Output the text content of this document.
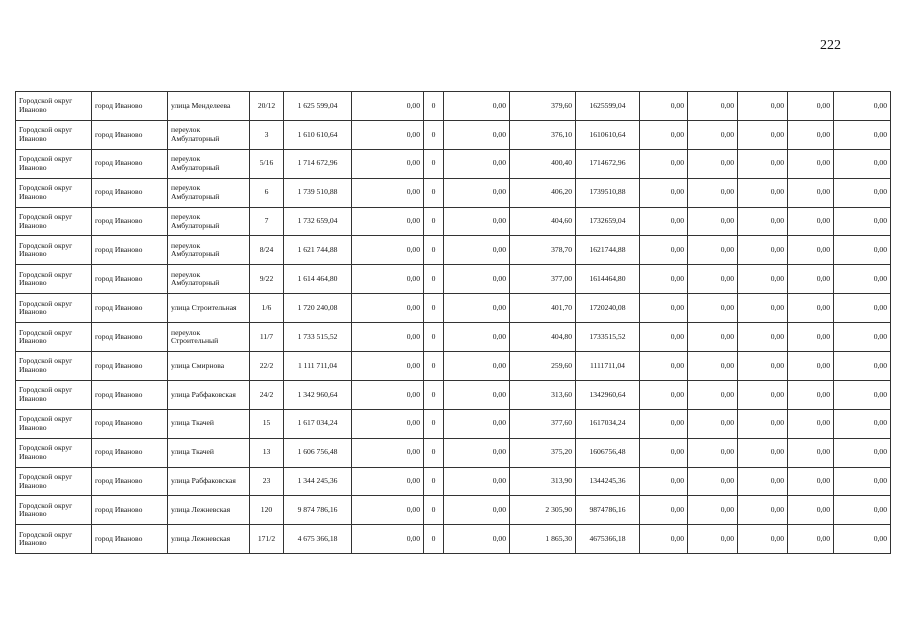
222
Городской округ Иваново	город Иваново	улица Менделеева	20/12	1 625 599,04	0,00	0	0,00	379,60	1625599,04	0,00	0,00	0,00	0,00	0,00
Городской округ Иваново	город Иваново	переулок Амбулаторный	3	1 610 610,64	0,00	0	0,00	376,10	1610610,64	0,00	0,00	0,00	0,00	0,00
Городской округ Иваново	город Иваново	переулок Амбулаторный	5/16	1 714 672,96	0,00	0	0,00	400,40	1714672,96	0,00	0,00	0,00	0,00	0,00
Городской округ Иваново	город Иваново	переулок Амбулаторный	6	1 739 510,88	0,00	0	0,00	406,20	1739510,88	0,00	0,00	0,00	0,00	0,00
Городской округ Иваново	город Иваново	переулок Амбулаторный	7	1 732 659,04	0,00	0	0,00	404,60	1732659,04	0,00	0,00	0,00	0,00	0,00
Городской округ Иваново	город Иваново	переулок Амбулаторный	8/24	1 621 744,88	0,00	0	0,00	378,70	1621744,88	0,00	0,00	0,00	0,00	0,00
Городской округ Иваново	город Иваново	переулок Амбулаторный	9/22	1 614 464,80	0,00	0	0,00	377,00	1614464,80	0,00	0,00	0,00	0,00	0,00
Городской округ Иваново	город Иваново	улица Строительная	1/6	1 720 240,08	0,00	0	0,00	401,70	1720240,08	0,00	0,00	0,00	0,00	0,00
Городской округ Иваново	город Иваново	переулок Строительный	11/7	1 733 515,52	0,00	0	0,00	404,80	1733515,52	0,00	0,00	0,00	0,00	0,00
Городской округ Иваново	город Иваново	улица Смирнова	22/2	1 111 711,04	0,00	0	0,00	259,60	1111711,04	0,00	0,00	0,00	0,00	0,00
Городской округ Иваново	город Иваново	улица Рабфаковская	24/2	1 342 960,64	0,00	0	0,00	313,60	1342960,64	0,00	0,00	0,00	0,00	0,00
Городской округ Иваново	город Иваново	улица Ткачей	15	1 617 034,24	0,00	0	0,00	377,60	1617034,24	0,00	0,00	0,00	0,00	0,00
Городской округ Иваново	город Иваново	улица Ткачей	13	1 606 756,48	0,00	0	0,00	375,20	1606756,48	0,00	0,00	0,00	0,00	0,00
Городской округ Иваново	город Иваново	улица Рабфаковская	23	1 344 245,36	0,00	0	0,00	313,90	1344245,36	0,00	0,00	0,00	0,00	0,00
Городской округ Иваново	город Иваново	улица Лежневская	120	9 874 786,16	0,00	0	0,00	2 305,90	9874786,16	0,00	0,00	0,00	0,00	0,00
Городской округ Иваново	город Иваново	улица Лежневская	171/2	4 675 366,18	0,00	0	0,00	1 865,30	4675366,18	0,00	0,00	0,00	0,00	0,00
